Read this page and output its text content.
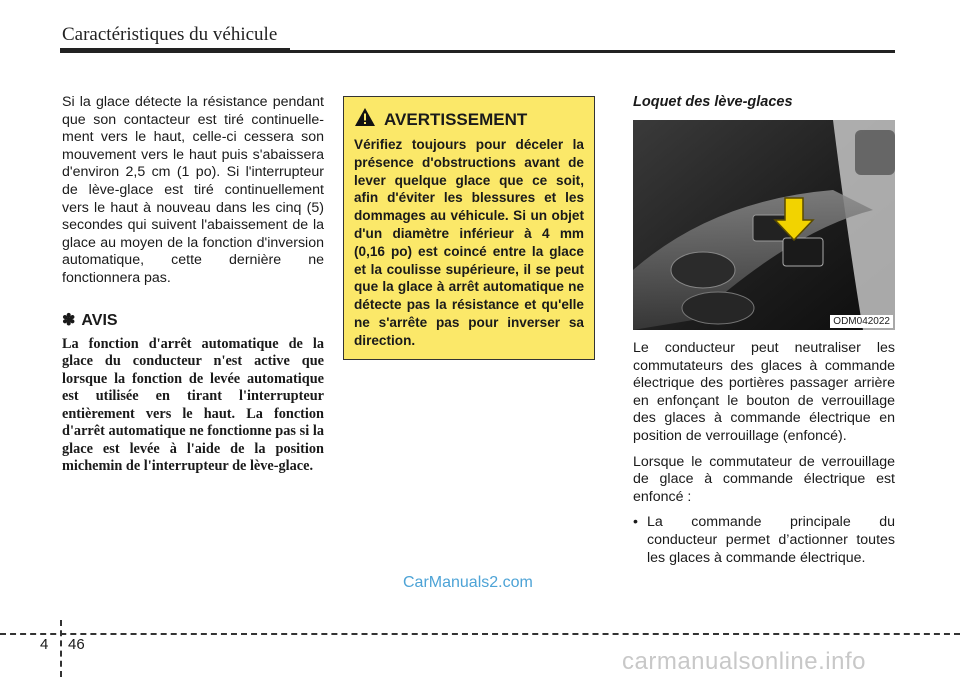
Caractéristiques du véhicule

Si la glace détecte la résistance pendant que son contacteur est tiré continuelle-ment vers le haut, celle-ci cessera son mouvement vers le haut puis s'abaissera d'environ 2,5 cm (1 po). Si l'interrupteur de lève-glace est tiré continuellement vers le haut à nouveau dans les cinq (5) secondes qui suivent l'abaissement de la glace au moyen de la fonction d'inversion automatique, cette dernière ne fonctionnera pas.

✽ AVIS

La fonction d'arrêt automatique de la glace du conducteur n'est active que lorsque la fonction de levée automatique est utilisée en tirant l'interrupteur entièrement vers le haut. La fonction d'arrêt automatique ne fonctionne pas si la glace est levée à l'aide de la position michemin de l'interrupteur de lève-glace.

AVERTISSEMENT

Vérifiez toujours pour déceler la présence d'obstructions avant de lever quelque glace que ce soit, afin d'éviter les blessures et les dommages au véhicule. Si un objet d'un diamètre inférieur à 4 mm (0,16 po) est coincé entre la glace et la coulisse supérieure, il se peut que la glace à arrêt automatique ne détecte pas la résistance et qu'elle ne s'arrête pas pour inverser sa direction.

Loquet des lève-glaces
ODM042022

Le conducteur peut neutraliser les commutateurs des glaces à commande électrique des portières passager arrière en enfonçant le bouton de verrouillage des glaces à commande électrique en position de verrouillage (enfoncé).

Lorsque le commutateur de verrouillage de glace à commande électrique est enfoncé :

• La commande principale du conducteur permet d’actionner toutes les glaces à commande électrique.
CarManuals2.com
4 46
carmanualsonline.info
